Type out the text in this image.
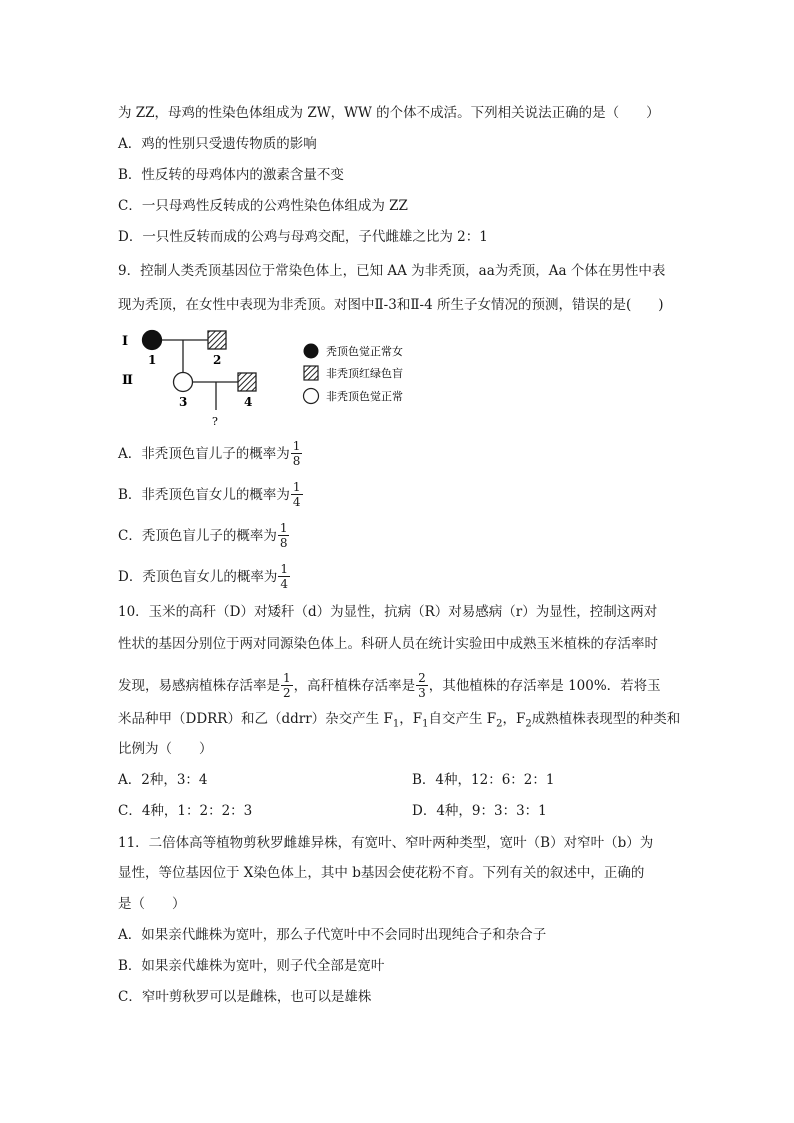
为 ZZ，母鸡的性染色体组成为 ZW，WW 的个体不成活。下列相关说法正确的是（　　）
A．鸡的性别只受遗传物质的影响
B．性反转的母鸡体内的激素含量不变
C．一只母鸡性反转成的公鸡性染色体组成为 ZZ
D．一只性反转而成的公鸡与母鸡交配，子代雌雄之比为 2：1
9．控制人类秃顶基因位于常染色体上，已知 AA 为非秃顶，aa为秃顶，Aa 个体在男性中表
现为秃顶，在女性中表现为非秃顶。对图中Ⅱ-3和Ⅱ-4 所生子女情况的预测，错误的是(　　)
Ⅰ
Ⅱ
1	2
3	4
?
秃顶色觉正常女
非秃顶红绿色盲
非秃顶色觉正常
A．非秃顶色盲儿子的概率为 $\frac{1}{8}$
B．非秃顶色盲女儿的概率为 $\frac{1}{4}$
C．秃顶色盲儿子的概率为 $\frac{1}{8}$
D．秃顶色盲女儿的概率为 $\frac{1}{4}$
10．玉米的高秆（D）对矮秆（d）为显性，抗病（R）对易感病（r）为显性，控制这两对
性状的基因分别位于两对同源染色体上。科研人员在统计实验田中成熟玉米植株的存活率时
发现，易感病植株存活率是 $\frac{1}{2}$ ，高秆植株存活率是 $\frac{2}{3}$ ，其他植株的存活率是 100%．若将玉
米品种甲（DDRR）和乙（ddrr）杂交产生 $F_1$，$F_1$自交产生 $F_2$，$F_2$成熟植株表现型的种类和
比例为（　　）
A．2种，3：4	B．4种，12：6：2：1
C．4种，1：2：2：3	D．4种，9：3：3：1
11．二倍体高等植物剪秋罗雌雄异株，有宽叶、窄叶两种类型，宽叶（B）对窄叶（b）为
显性，等位基因位于 X染色体上，其中 b基因会使花粉不育。下列有关的叙述中，正确的
是（　　）
A．如果亲代雌株为宽叶，那么子代宽叶中不会同时出现纯合子和杂合子
B．如果亲代雄株为宽叶，则子代全部是宽叶
C．窄叶剪秋罗可以是雌株，也可以是雄株
